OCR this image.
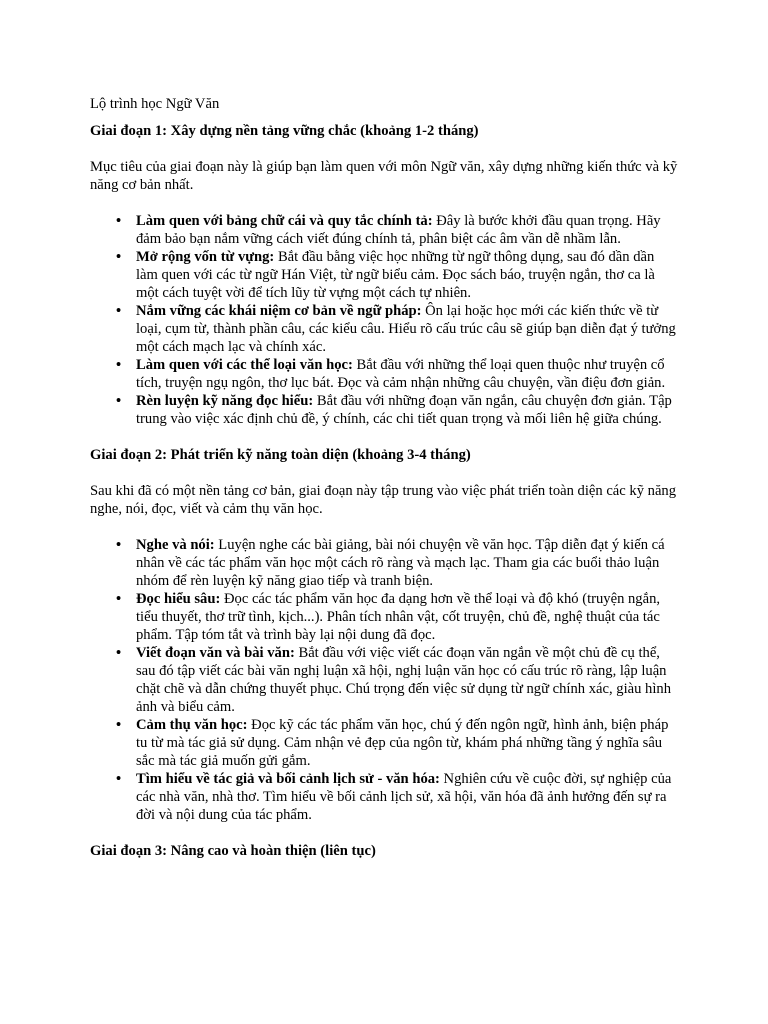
Lộ trình học Ngữ Văn

Giai đoạn 1: Xây dựng nền tảng vững chắc (khoảng 1-2 tháng)

Mục tiêu của giai đoạn này là giúp bạn làm quen với môn Ngữ văn, xây dựng những kiến thức và kỹ năng cơ bản nhất.

• Làm quen với bảng chữ cái và quy tắc chính tả: Đây là bước khởi đầu quan trọng. Hãy đảm bảo bạn nắm vững cách viết đúng chính tả, phân biệt các âm vần dễ nhầm lẫn.
• Mở rộng vốn từ vựng: Bắt đầu bằng việc học những từ ngữ thông dụng, sau đó dần dần làm quen với các từ ngữ Hán Việt, từ ngữ biểu cảm. Đọc sách báo, truyện ngắn, thơ ca là một cách tuyệt vời để tích lũy từ vựng một cách tự nhiên.
• Nắm vững các khái niệm cơ bản về ngữ pháp: Ôn lại hoặc học mới các kiến thức về từ loại, cụm từ, thành phần câu, các kiểu câu. Hiểu rõ cấu trúc câu sẽ giúp bạn diễn đạt ý tưởng một cách mạch lạc và chính xác.
• Làm quen với các thể loại văn học: Bắt đầu với những thể loại quen thuộc như truyện cổ tích, truyện ngụ ngôn, thơ lục bát. Đọc và cảm nhận những câu chuyện, vần điệu đơn giản.
• Rèn luyện kỹ năng đọc hiểu: Bắt đầu với những đoạn văn ngắn, câu chuyện đơn giản. Tập trung vào việc xác định chủ đề, ý chính, các chi tiết quan trọng và mối liên hệ giữa chúng.

Giai đoạn 2: Phát triển kỹ năng toàn diện (khoảng 3-4 tháng)

Sau khi đã có một nền tảng cơ bản, giai đoạn này tập trung vào việc phát triển toàn diện các kỹ năng nghe, nói, đọc, viết và cảm thụ văn học.

• Nghe và nói: Luyện nghe các bài giảng, bài nói chuyện về văn học. Tập diễn đạt ý kiến cá nhân về các tác phẩm văn học một cách rõ ràng và mạch lạc. Tham gia các buổi thảo luận nhóm để rèn luyện kỹ năng giao tiếp và tranh biện.
• Đọc hiểu sâu: Đọc các tác phẩm văn học đa dạng hơn về thể loại và độ khó (truyện ngắn, tiểu thuyết, thơ trữ tình, kịch...). Phân tích nhân vật, cốt truyện, chủ đề, nghệ thuật của tác phẩm. Tập tóm tắt và trình bày lại nội dung đã đọc.
• Viết đoạn văn và bài văn: Bắt đầu với việc viết các đoạn văn ngắn về một chủ đề cụ thể, sau đó tập viết các bài văn nghị luận xã hội, nghị luận văn học có cấu trúc rõ ràng, lập luận chặt chẽ và dẫn chứng thuyết phục. Chú trọng đến việc sử dụng từ ngữ chính xác, giàu hình ảnh và biểu cảm.
• Cảm thụ văn học: Đọc kỹ các tác phẩm văn học, chú ý đến ngôn ngữ, hình ảnh, biện pháp tu từ mà tác giả sử dụng. Cảm nhận vẻ đẹp của ngôn từ, khám phá những tầng ý nghĩa sâu sắc mà tác giả muốn gửi gắm.
• Tìm hiểu về tác giả và bối cảnh lịch sử - văn hóa: Nghiên cứu về cuộc đời, sự nghiệp của các nhà văn, nhà thơ. Tìm hiểu về bối cảnh lịch sử, xã hội, văn hóa đã ảnh hưởng đến sự ra đời và nội dung của tác phẩm.

Giai đoạn 3: Nâng cao và hoàn thiện (liên tục)
